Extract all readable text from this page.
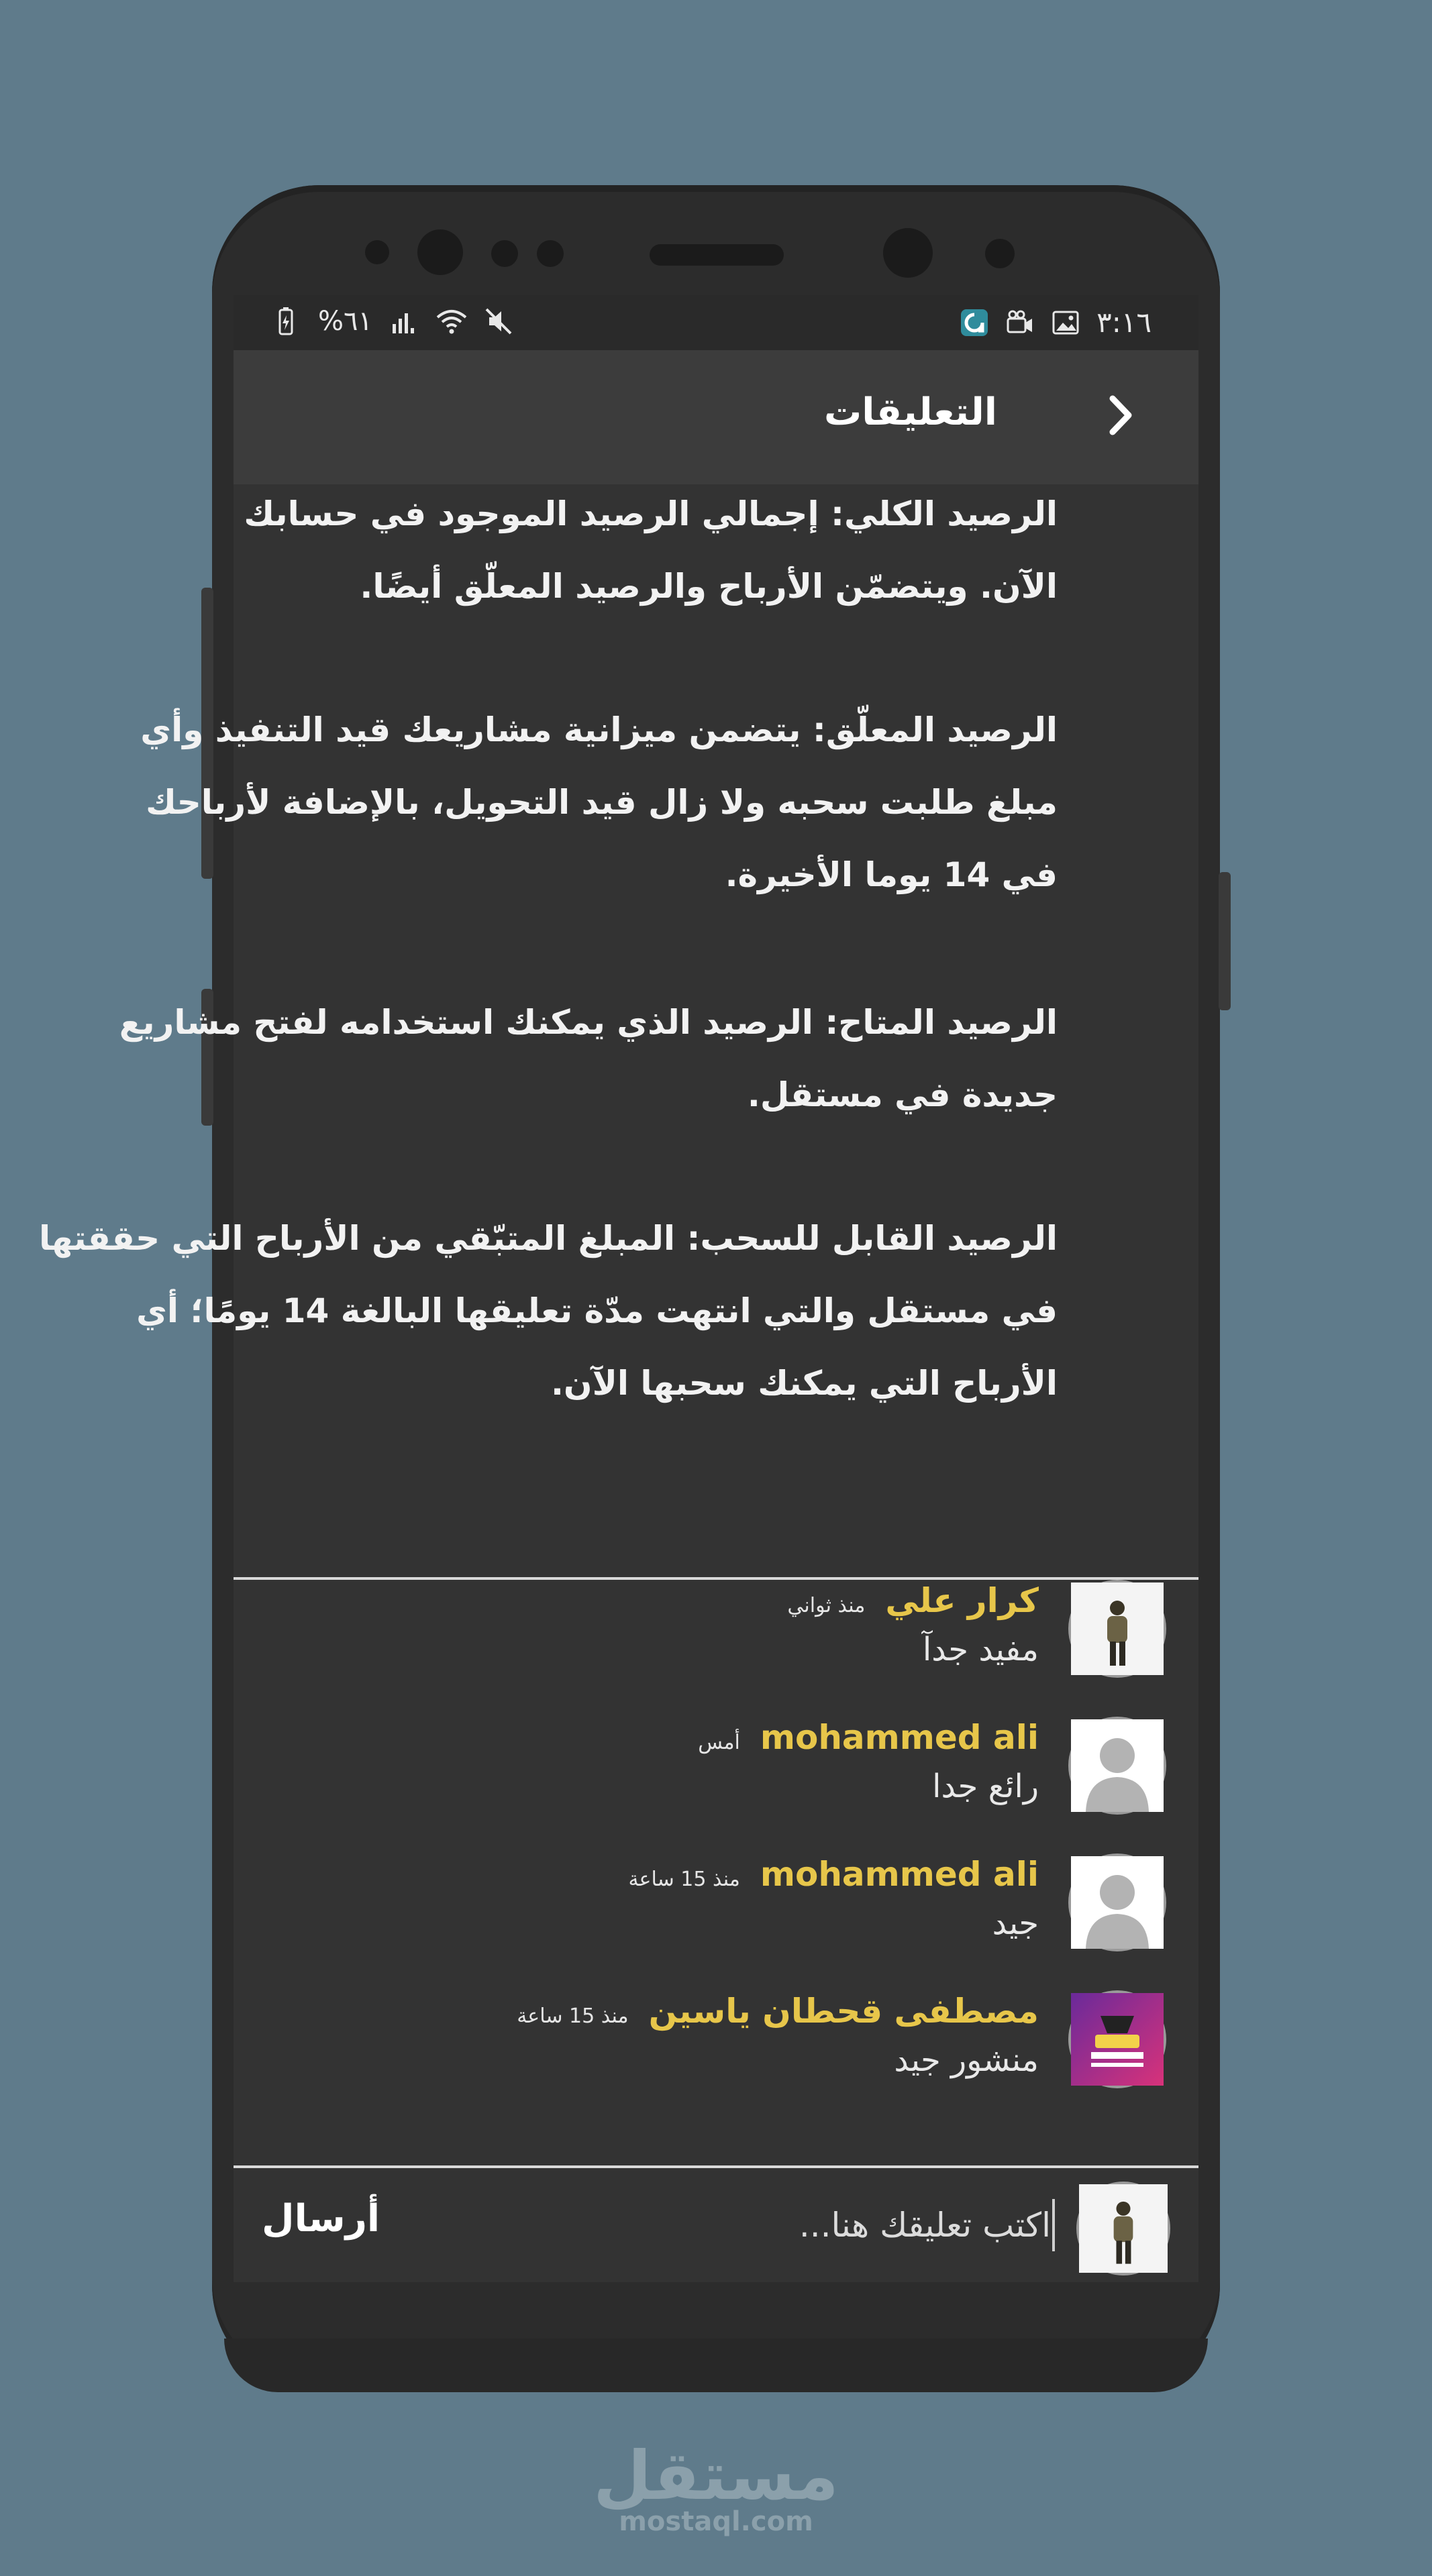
%٦١	٣:١٦
التعليقات
الرصيد الكلي: إجمالي الرصيد الموجود في حسابك
الآن. ويتضمّن الأرباح والرصيد المعلّق أيضًا.
الرصيد المعلّق: يتضمن ميزانية مشاريعك قيد التنفيذ وأي
مبلغ طلبت سحبه ولا زال قيد التحويل، بالإضافة لأرباحك
في 14 يوما الأخيرة.
الرصيد المتاح: الرصيد الذي يمكنك استخدامه لفتح مشاريع
جديدة في مستقل.
الرصيد القابل للسحب: المبلغ المتبّقي من الأرباح التي حققتها
في مستقل والتي انتهت مدّة تعليقها البالغة 14 يومًا؛ أي
الأرباح التي يمكنك سحبها الآن.
كرار علي
منذ ثواني
مفيد جدآ
mohammed ali
أمس
رائع جدا
mohammed ali
منذ 15 ساعة
جيد
مصطفى قحطان ياسين
منذ 15 ساعة
منشور جيد
اكتب تعليقك هنا...
أرسال
مستقل
mostaql.com
